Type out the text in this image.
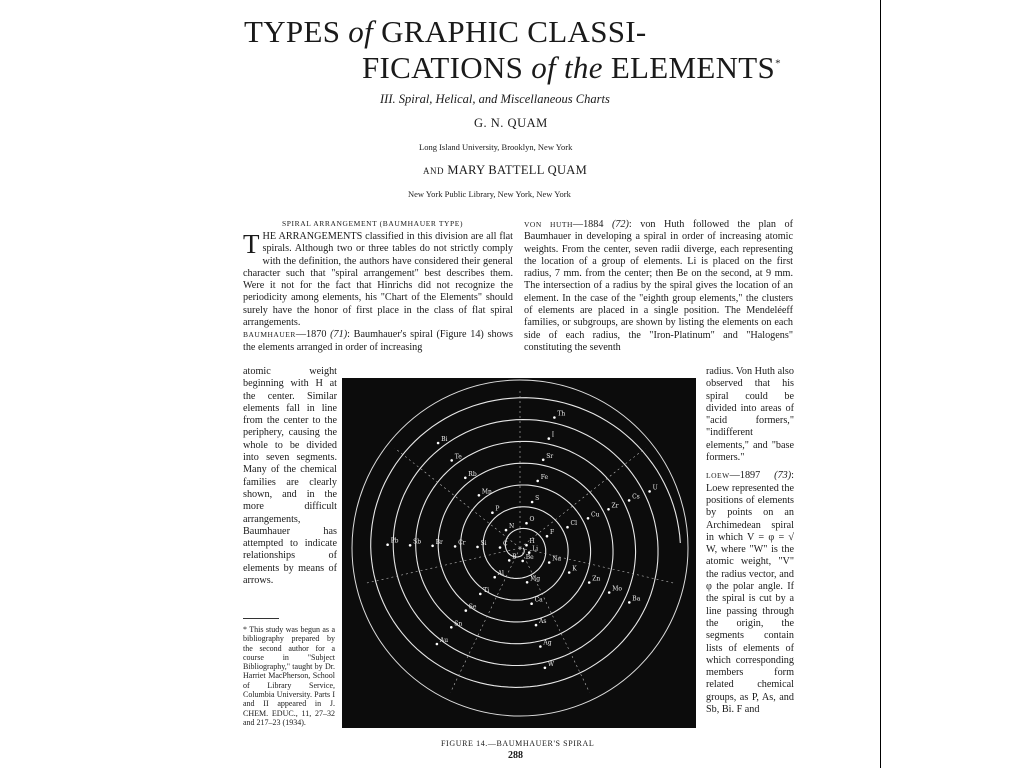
TYPES of GRAPHIC CLASSI-
FICATIONS of the ELEMENTS*
III. Spiral, Helical, and Miscellaneous Charts
G. N. QUAM
Long Island University, Brooklyn, New York
AND MARY BATTELL QUAM
New York Public Library, New York, New York
SPIRAL ARRANGEMENT (BAUMHAUER TYPE)

THE ARRANGEMENTS classified in this division are all flat spirals. Although two or three tables do not strictly comply with the definition, the authors have considered their general character such that "spiral arrangement" best describes them. Were it not for the fact that Hinrichs did not recognize the periodicity among elements, his "Chart of the Elements" should surely have the honor of first place in the class of flat spiral arrangements.

BAUMHAUER—1870 (71): Baumhauer's spiral (Figure 14) shows the elements arranged in order of increasing

atomic weight beginning with H at the center. Similar elements fall in line from the center to the periphery, causing the whole to be divided into seven segments. Many of the chemical families are clearly shown, and in the more difficult arrangements, Baumhauer has attempted to indicate relationships of elements by means of arrows.
* This study was begun as a bibliography prepared by the second author for a course in "Subject Bibliography," taught by Dr. Harriet MacPherson, School of Library Service, Columbia University. Parts I and II appeared in J. CHEM. EDUC., 11, 27–32 and 217–23 (1934).

VON HUTH—1884 (72): von Huth followed the plan of Baumhauer in developing a spiral in order of increasing atomic weights. From the center, seven radii diverge, each representing the location of a group of elements. Li is placed on the first radius, 7 mm. from the center; then Be on the second, at 9 mm. The intersection of a radius by the spiral gives the location of an element. In the case of the "eighth group elements," the clusters of elements are placed in a single position. The Mendeléeff families, or subgroups, are shown by listing the elements on each side of each radius, the "Iron-Platinum" and "Halogens" constituting the seventh

radius. Von Huth also observed that his spiral could be divided into areas of "acid formers," "indifferent elements," and "base formers."

LOEW—1897 (73): Loew represented the positions of elements by points on an Archimedean spiral in which V = φ = √ W, where "W" is the atomic weight, "V" the radius vector, and φ the polar angle. If the spiral is cut by a line passing through the origin, the segments contain lists of elements of which corresponding members form related chemical groups, as P, As, and Sb, Bi. F and

H
Li
Be
B
C
N
O
F
Na
Mg
Al
Si
P
S
Cl
K
Ca
Ti
Cr
Mn
Fe
Cu
Zn
As
Se
Br
Rb
Sr
Zr
Mo
Ag
Sn
Sb
Te
I
Cs
Ba
W
Au
Pb
Bi
Th
U
FIGURE 14.—BAUMHAUER'S SPIRAL
288
